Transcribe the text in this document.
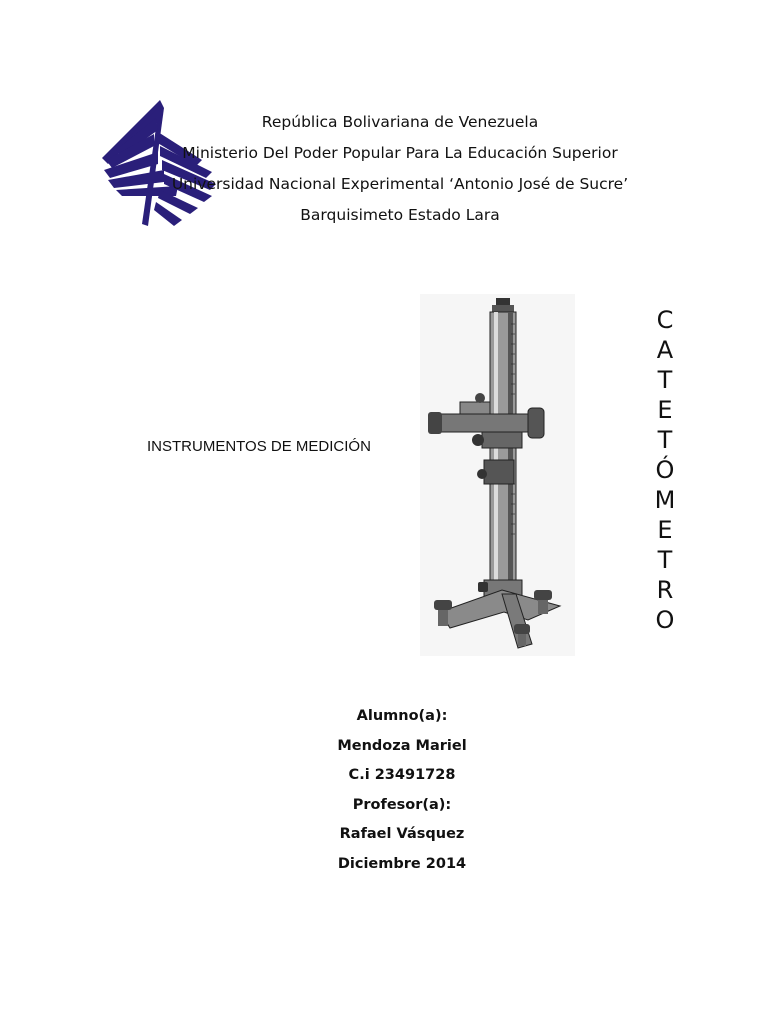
República Bolivariana de Venezuela
Ministerio Del Poder Popular Para La Educación Superior
Universidad Nacional Experimental ‘Antonio José de Sucre’
Barquisimeto Estado Lara
INSTRUMENTOS DE MEDICIÓN
C
A
T
E
T
Ó
M
E
T
R
O
Alumno(a):
Mendoza Mariel
C.i 23491728
Profesor(a):
Rafael Vásquez
Diciembre 2014
